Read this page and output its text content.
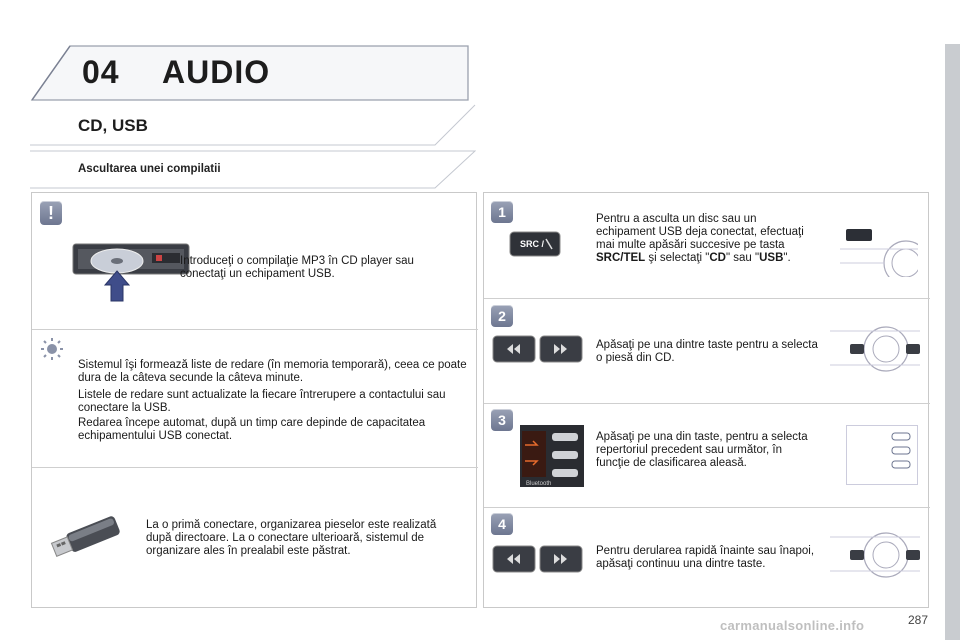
04 AUDIO
CD, USB
Ascultarea unei compilatii
!
Introduceţi o compilaţie MP3 în CD player sau conectaţi un echipament USB.
Sistemul îşi formează liste de redare (în memoria temporară), ceea ce poate dura de la câteva secunde la câteva minute.
Listele de redare sunt actualizate la fiecare întrerupere a contactului sau conectare la USB.
Redarea începe automat, după un timp care depinde de capacitatea echipamentului USB conectat.
La o primă conectare, organizarea pieselor este realizată după directoare. La o conectare ulterioară, sistemul de organizare ales în prealabil este păstrat.
1
SRC /
Pentru a asculta un disc sau un echipament USB deja conectat, efectuaţi mai multe apăsări succesive pe tasta SRC/TEL şi selectaţi "CD" sau "USB".
2
Apăsaţi pe una dintre taste pentru a selecta o piesă din CD.
3
Bluetooth
Apăsaţi pe una din taste, pentru a selecta repertoriul precedent sau următor, în funcţie de clasificarea aleasă.
4
Pentru derularea rapidă înainte sau înapoi, apăsaţi continuu una dintre taste.
carmanualsonline.info	287
